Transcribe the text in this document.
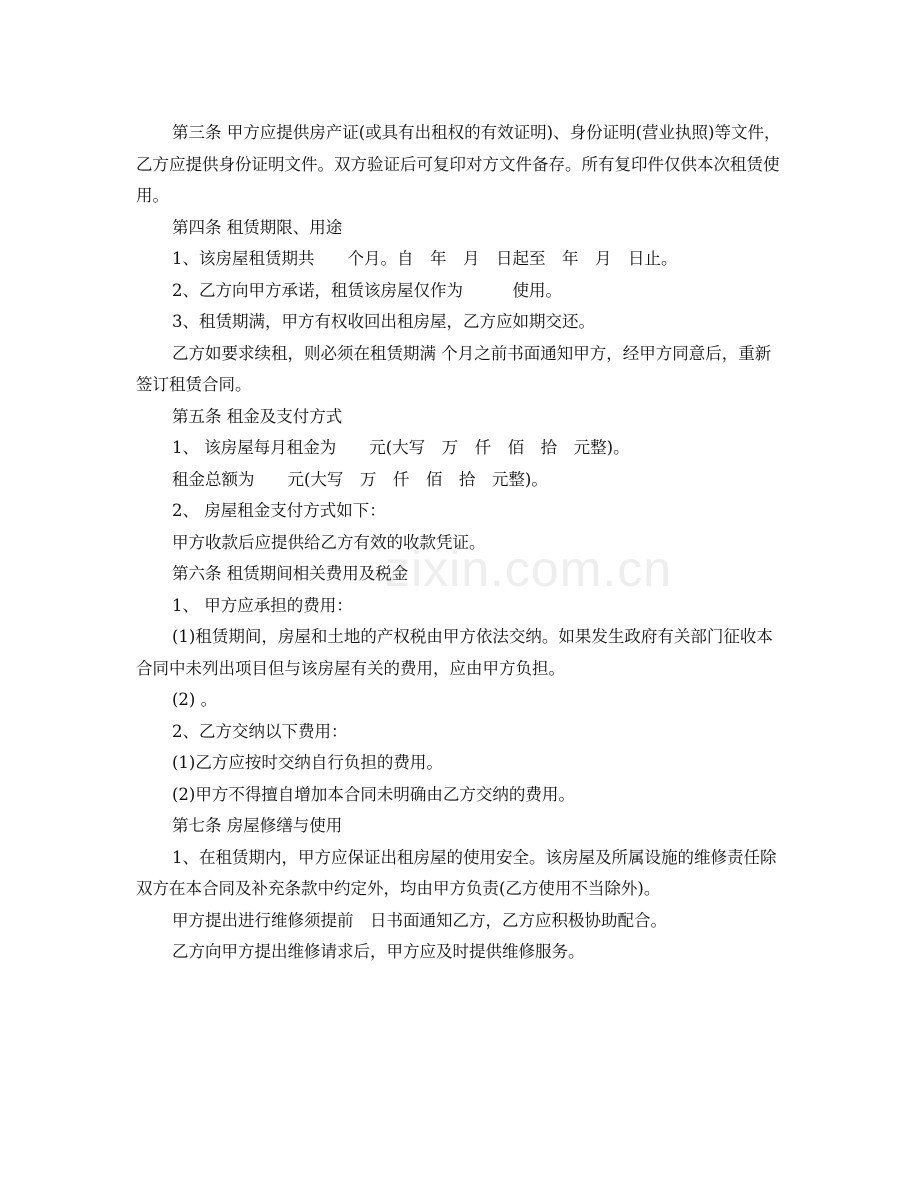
第三条 甲方应提供房产证(或具有出租权的有效证明)、身份证明(营业执照)等文件，乙方应提供身份证明文件。双方验证后可复印对方文件备存。所有复印件仅供本次租赁使用。

第四条 租赁期限、用途

1、该房屋租赁期共　　个月。自　年　月　日起至　年　月　日止。

2、乙方向甲方承诺，租赁该房屋仅作为　　　使用。

3、租赁期满，甲方有权收回出租房屋，乙方应如期交还。

乙方如要求续租，则必须在租赁期满 个月之前书面通知甲方，经甲方同意后，重新签订租赁合同。

第五条 租金及支付方式

1、 该房屋每月租金为　　元(大写　万　仟　佰　拾　元整)。

租金总额为　　元(大写　万　仟　佰　拾　元整)。

2、 房屋租金支付方式如下：

甲方收款后应提供给乙方有效的收款凭证。

第六条 租赁期间相关费用及税金

1、 甲方应承担的费用：

(1)租赁期间，房屋和土地的产权税由甲方依法交纳。如果发生政府有关部门征收本合同中未列出项目但与该房屋有关的费用，应由甲方负担。

(2) 。

2、乙方交纳以下费用：

(1)乙方应按时交纳自行负担的费用。

(2)甲方不得擅自增加本合同未明确由乙方交纳的费用。

第七条 房屋修缮与使用

1、在租赁期内，甲方应保证出租房屋的使用安全。该房屋及所属设施的维修责任除双方在本合同及补充条款中约定外，均由甲方负责(乙方使用不当除外)。

甲方提出进行维修须提前　日书面通知乙方，乙方应积极协助配合。

乙方向甲方提出维修请求后，甲方应及时提供维修服务。

zixin.com.cn
